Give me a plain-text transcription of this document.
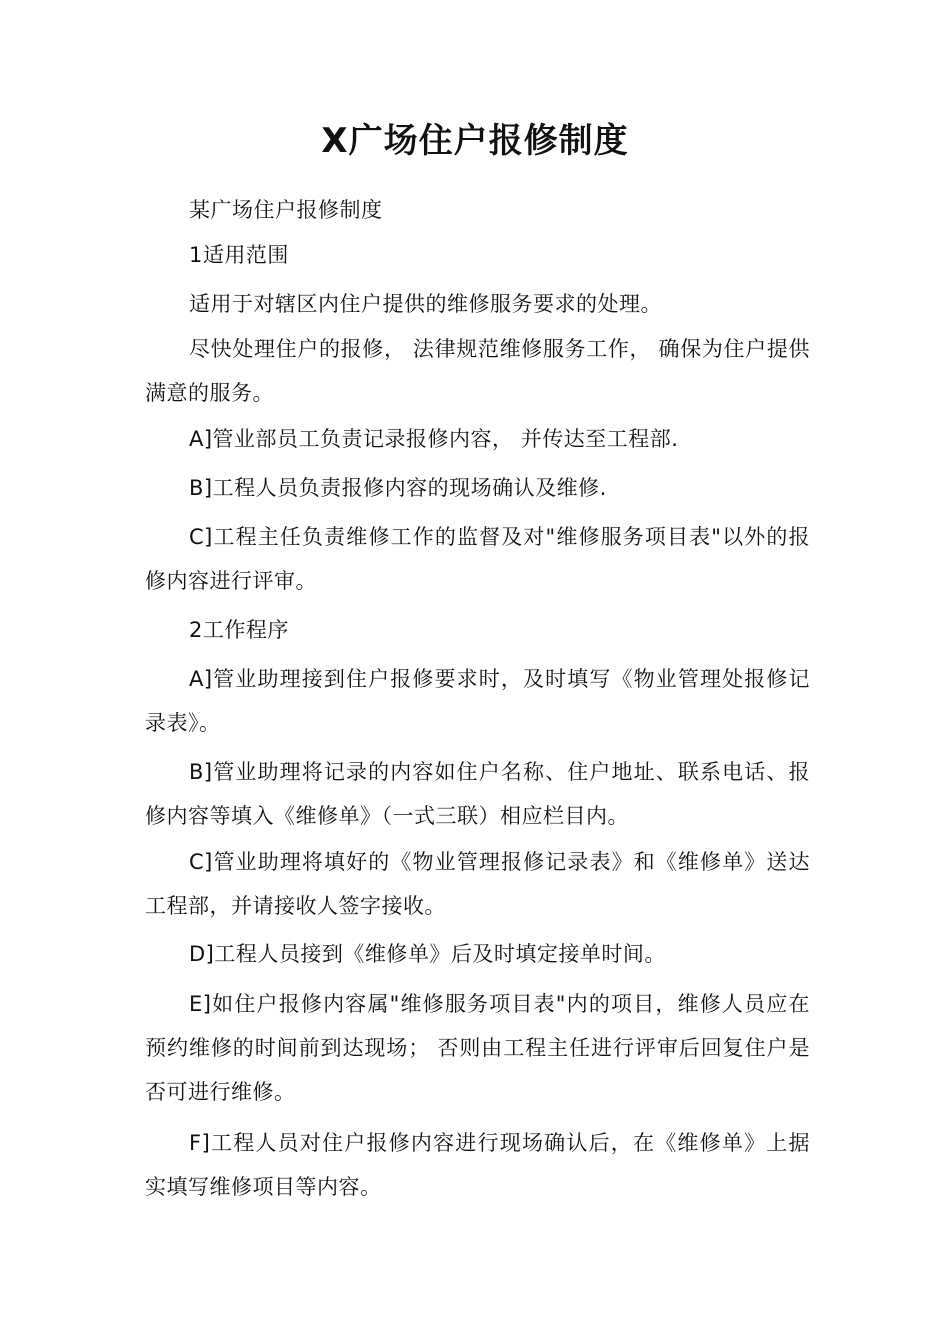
X广场住户报修制度

某广场住户报修制度

1适用范围

适用于对辖区内住户提供的维修服务要求的处理。

尽快处理住户的报修， 法律规范维修服务工作， 确保为住户提供满意的服务。

A]管业部员工负责记录报修内容， 并传达至工程部.

B]工程人员负责报修内容的现场确认及维修.

C]工程主任负责维修工作的监督及对"维修服务项目表"以外的报修内容进行评审。

2工作程序

A]管业助理接到住户报修要求时，及时填写《物业管理处报修记录表》。

B]管业助理将记录的内容如住户名称、住户地址、联系电话、报修内容等填入《维修单》（一式三联）相应栏目内。

C]管业助理将填好的《物业管理报修记录表》和《维修单》送达工程部，并请接收人签字接收。

D]工程人员接到《维修单》后及时填定接单时间。

E]如住户报修内容属"维修服务项目表"内的项目，维修人员应在预约维修的时间前到达现场； 否则由工程主任进行评审后回复住户是否可进行维修。

F]工程人员对住户报修内容进行现场确认后，在《维修单》上据实填写维修项目等内容。
